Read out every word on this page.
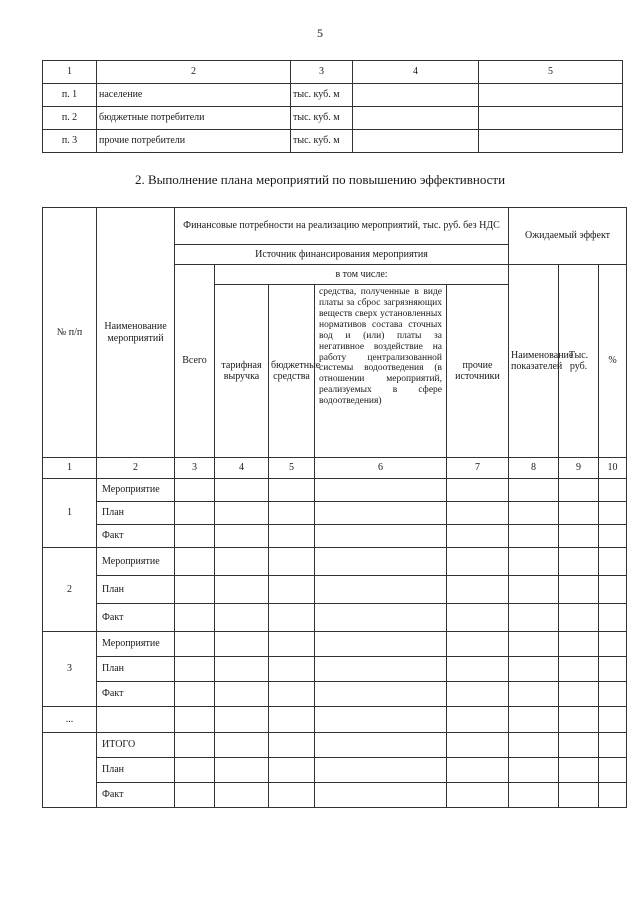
5
1	2	3	4	5
п. 1	население	тыс. куб. м		
п. 2	бюджетные потребители	тыс. куб. м		
п. 3	прочие потребители	тыс. куб. м		
2. Выполнение плана мероприятий по повышению эффективности
№ п/п	Наименование мероприятий	Финансовые потребности на реализацию мероприятий, тыс. руб. без НДС					Ожидаемый эффект		
		Источник финансирования мероприятия							
		Всего	в том числе:				Наименование показателей	Тыс. руб.	%
			тарифная выручка	бюджетные средства	средства, полученные в виде платы за сброс загрязняющих веществ сверх установленных нормативов состава сточных вод и (или) платы за негативное воздействие на работу централизованной системы водоотведения (в отношении мероприятий, реализуемых в сфере водоотведения)	прочие источники			

1	2	3	4	5	6	7	8	9	10
1	Мероприятие								
	План								
	Факт								
2	Мероприятие								
	План								
	Факт								
3	Мероприятие								
	План								
	Факт								
...									
	ИТОГО								
	План								
	Факт								
